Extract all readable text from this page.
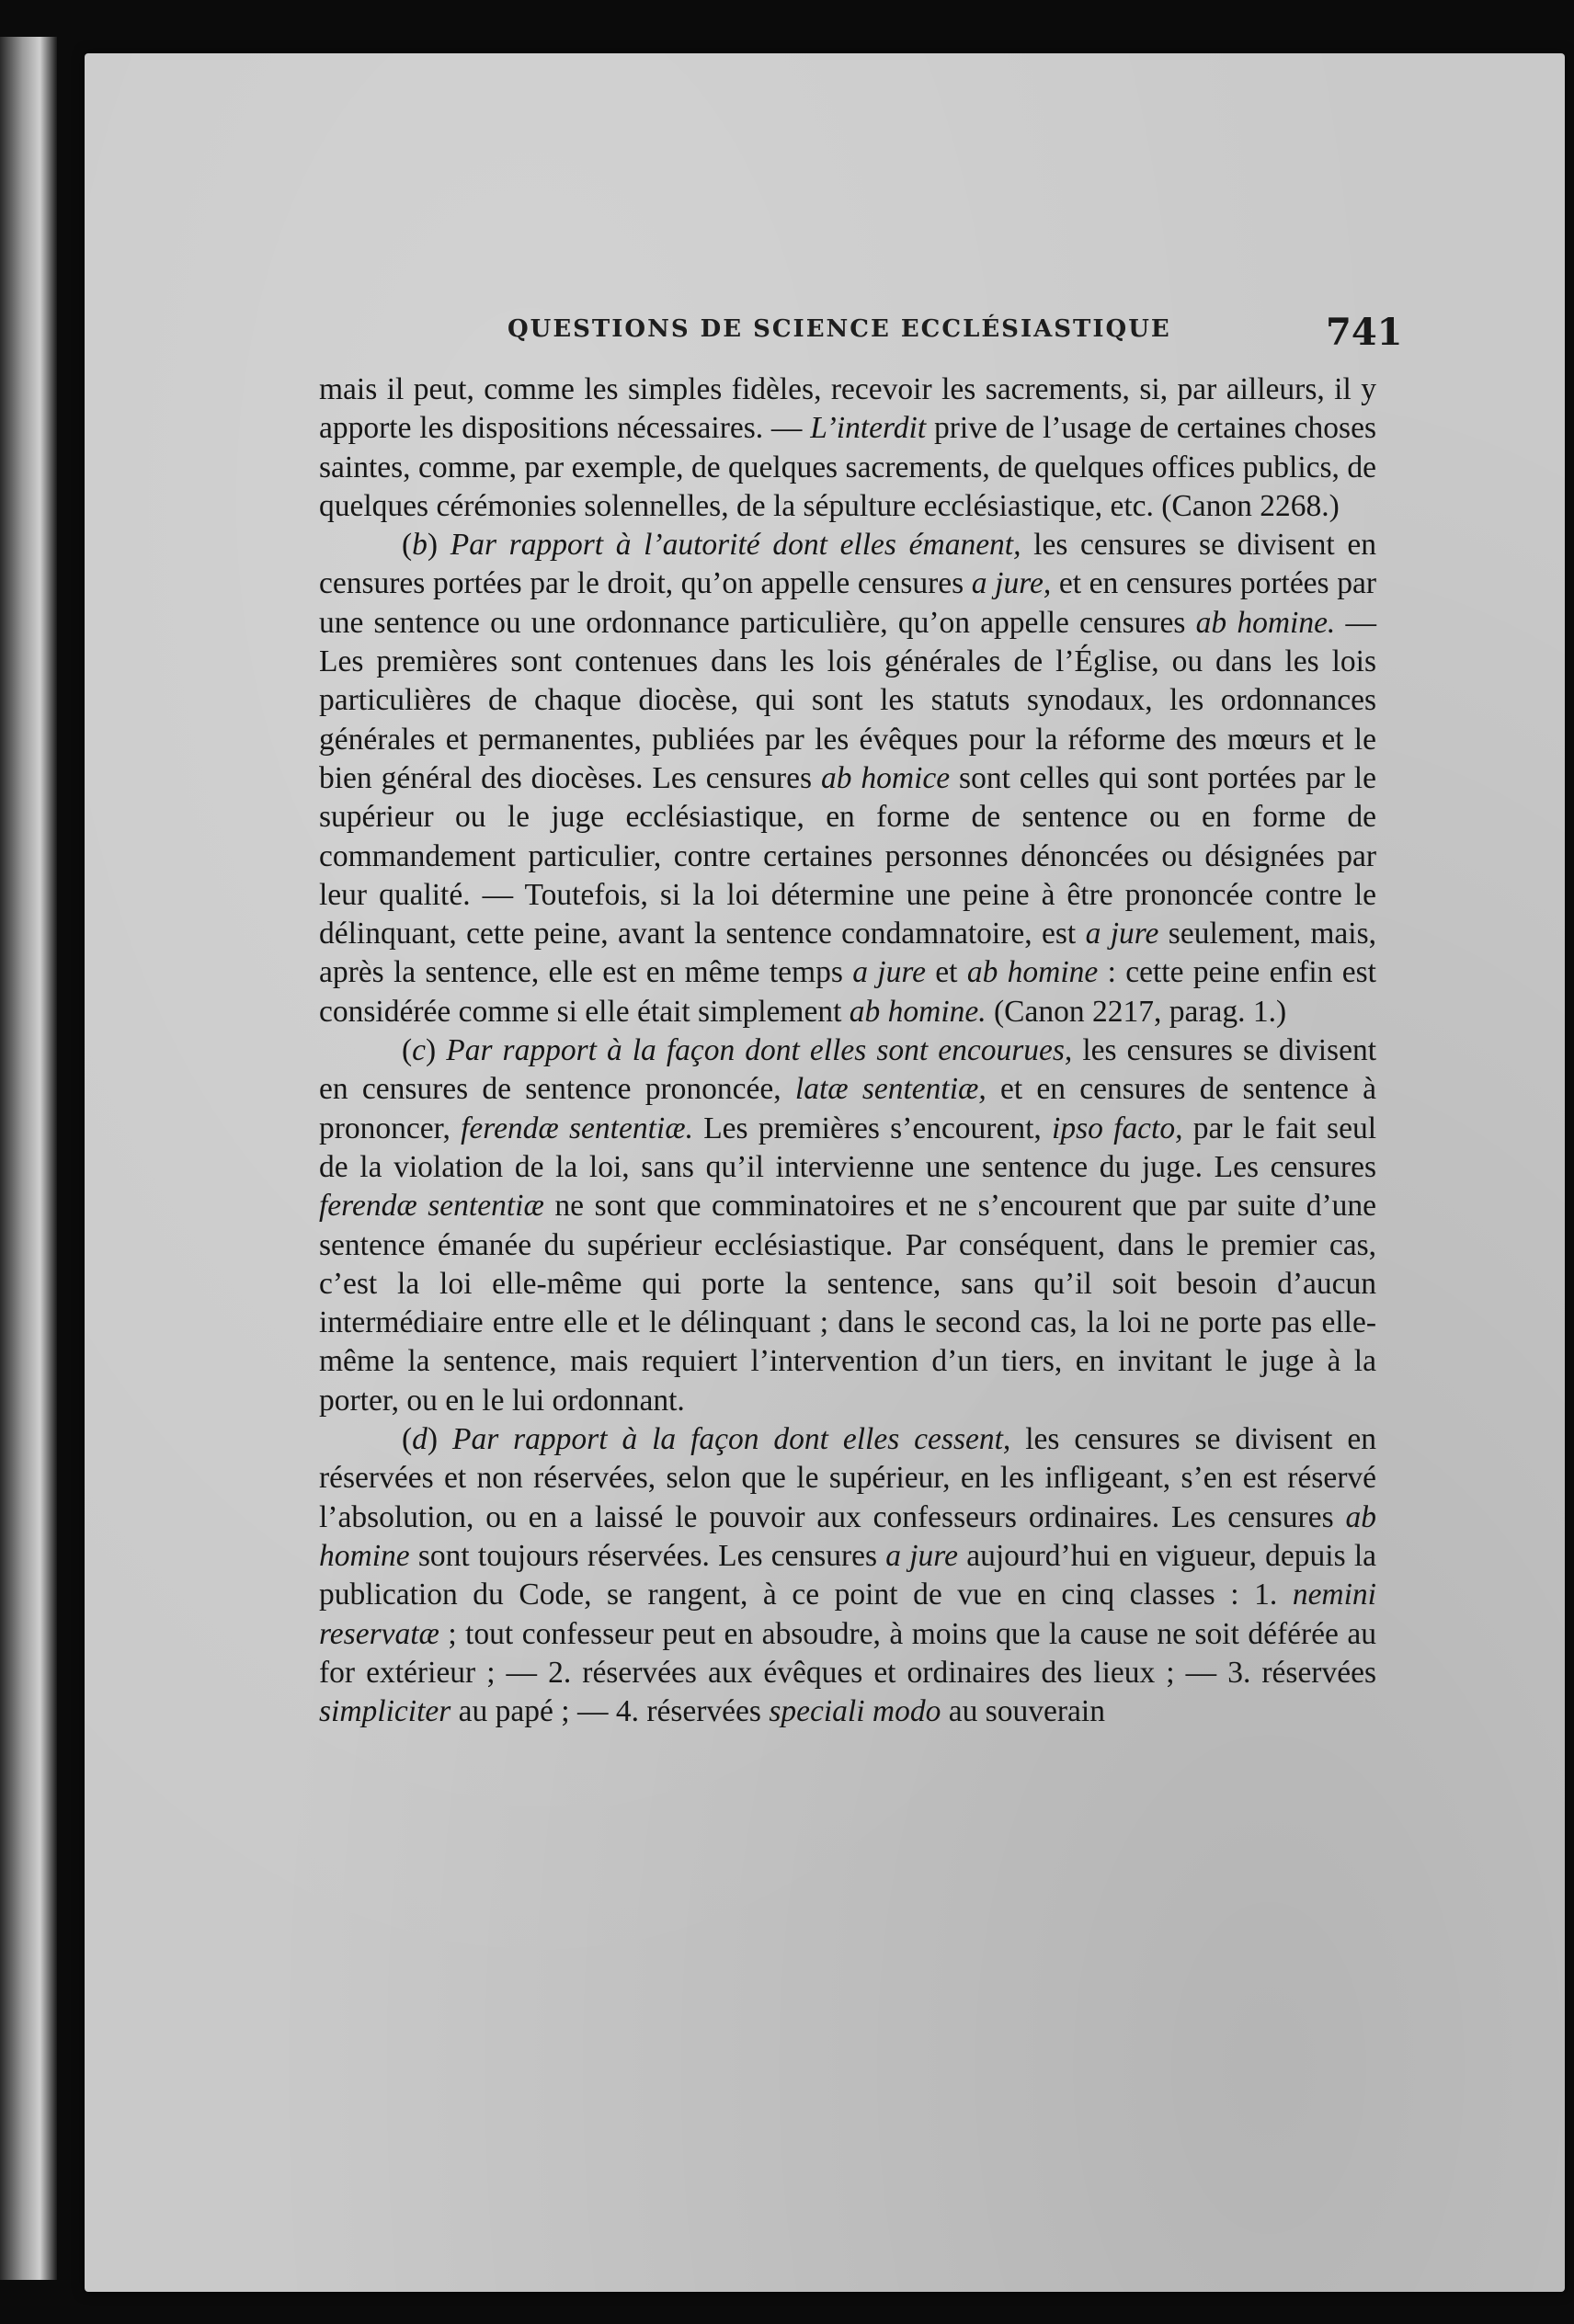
QUESTIONS DE SCIENCE ECCLÉSIASTIQUE	741

mais il peut, comme les simples fidèles, recevoir les sacrements, si, par ailleurs, il y apporte les dispositions nécessaires. — L’interdit prive de l’usage de certaines choses saintes, comme, par exemple, de quelques sacrements, de quelques offices publics, de quelques cérémonies solennelles, de la sépulture ecclésiastique, etc. (Canon 2268.)

(b) Par rapport à l’autorité dont elles émanent, les censures se divisent en censures portées par le droit, qu’on appelle censures a jure, et en censures portées par une sentence ou une ordonnance particulière, qu’on appelle censures ab homine. — Les premières sont contenues dans les lois générales de l’Église, ou dans les lois particulières de chaque diocèse, qui sont les statuts synodaux, les ordonnances générales et permanentes, publiées par les évêques pour la réforme des mœurs et le bien général des diocèses. Les censures ab homice sont celles qui sont portées par le supérieur ou le juge ecclésiastique, en forme de sentence ou en forme de commandement particulier, contre certaines personnes dénoncées ou désignées par leur qualité. — Toutefois, si la loi détermine une peine à être prononcée contre le délinquant, cette peine, avant la sentence condamnatoire, est a jure seulement, mais, après la sentence, elle est en même temps a jure et ab homine : cette peine enfin est considérée comme si elle était simplement ab homine. (Canon 2217, parag. 1.)

(c) Par rapport à la façon dont elles sont encourues, les censures se divisent en censures de sentence prononcée, latæ sententiæ, et en censures de sentence à prononcer, ferendæ sententiæ. Les premières s’encourent, ipso facto, par le fait seul de la violation de la loi, sans qu’il intervienne une sentence du juge. Les censures ferendæ sententiæ ne sont que comminatoires et ne s’encourent que par suite d’une sentence émanée du supérieur ecclésiastique. Par conséquent, dans le premier cas, c’est la loi elle-même qui porte la sentence, sans qu’il soit besoin d’aucun intermédiaire entre elle et le délinquant ; dans le second cas, la loi ne porte pas elle-même la sentence, mais requiert l’intervention d’un tiers, en invitant le juge à la porter, ou en le lui ordonnant.

(d) Par rapport à la façon dont elles cessent, les censures se divisent en réservées et non réservées, selon que le supérieur, en les infligeant, s’en est réservé l’absolution, ou en a laissé le pouvoir aux confesseurs ordinaires. Les censures ab homine sont toujours réservées. Les censures a jure aujourd’hui en vigueur, depuis la publication du Code, se rangent, à ce point de vue en cinq classes : 1. nemini reservatæ ; tout confesseur peut en absoudre, à moins que la cause ne soit déférée au for extérieur ; — 2. réservées aux évêques et ordinaires des lieux ; — 3. réservées simpliciter au papé ; — 4. réservées speciali modo au souverain
